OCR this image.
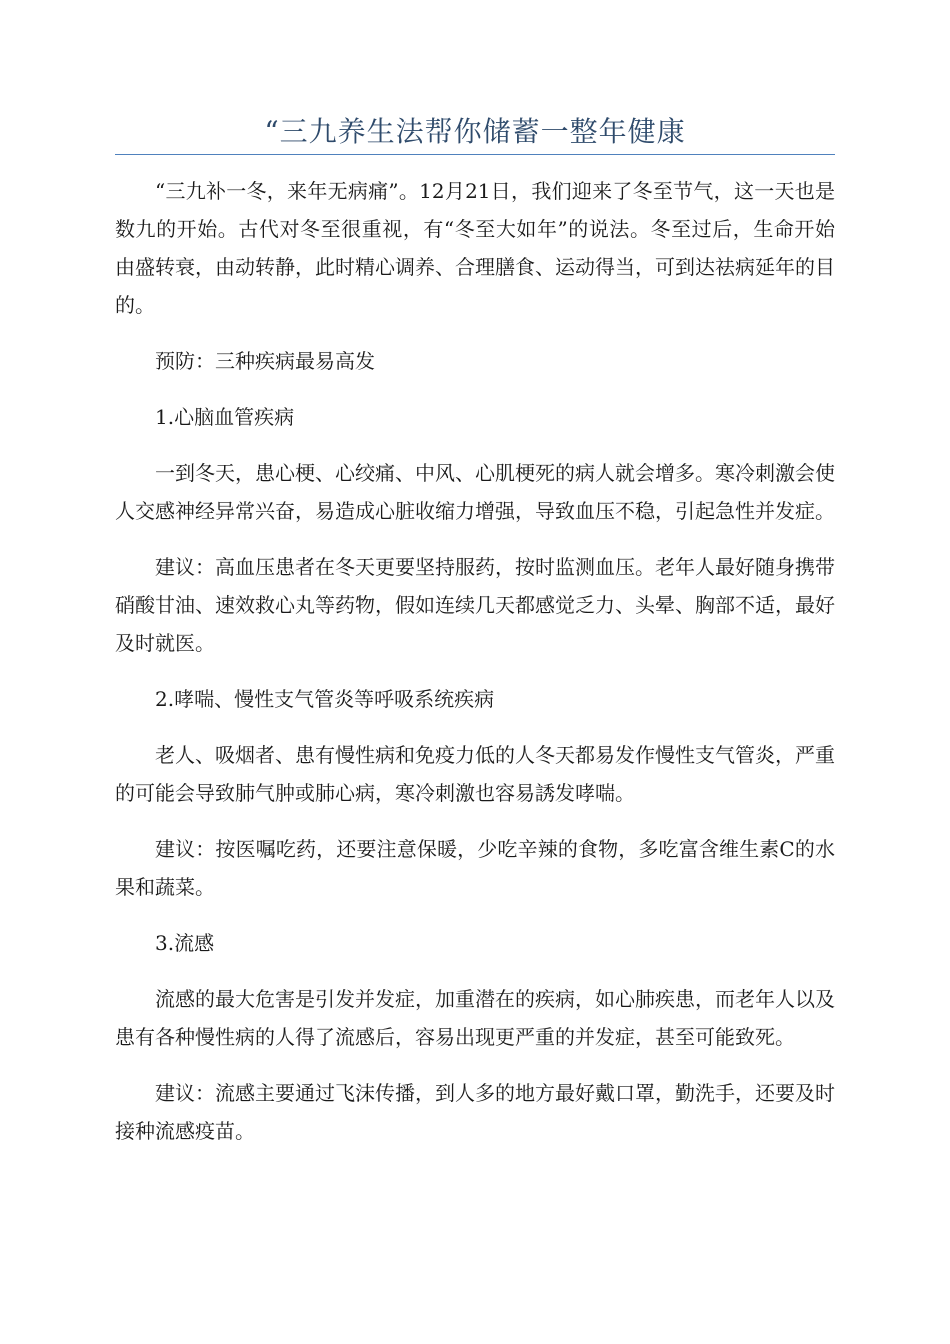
“三九养生法帮你储蓄一整年健康

“三九补一冬，来年无病痛”。12月21日，我们迎来了冬至节气，这一天也是数九的开始。古代对冬至很重视，有“冬至大如年”的说法。冬至过后，生命开始由盛转衰，由动转静，此时精心调养、合理膳食、运动得当，可到达祛病延年的目的。

预防：三种疾病最易高发

1.心脑血管疾病

一到冬天，患心梗、心绞痛、中风、心肌梗死的病人就会增多。寒冷刺激会使人交感神经异常兴奋，易造成心脏收缩力增强，导致血压不稳，引起急性并发症。

建议：高血压患者在冬天更要坚持服药，按时监测血压。老年人最好随身携带硝酸甘油、速效救心丸等药物，假如连续几天都感觉乏力、头晕、胸部不适，最好及时就医。

2.哮喘、慢性支气管炎等呼吸系统疾病

老人、吸烟者、患有慢性病和免疫力低的人冬天都易发作慢性支气管炎，严重的可能会导致肺气肿或肺心病，寒冷刺激也容易誘发哮喘。

建议：按医嘱吃药，还要注意保暖，少吃辛辣的食物，多吃富含维生素C的水果和蔬菜。

3.流感

流感的最大危害是引发并发症，加重潜在的疾病，如心肺疾患，而老年人以及患有各种慢性病的人得了流感后，容易出现更严重的并发症，甚至可能致死。

建议：流感主要通过飞沫传播，到人多的地方最好戴口罩，勤洗手，还要及时接种流感疫苗。
